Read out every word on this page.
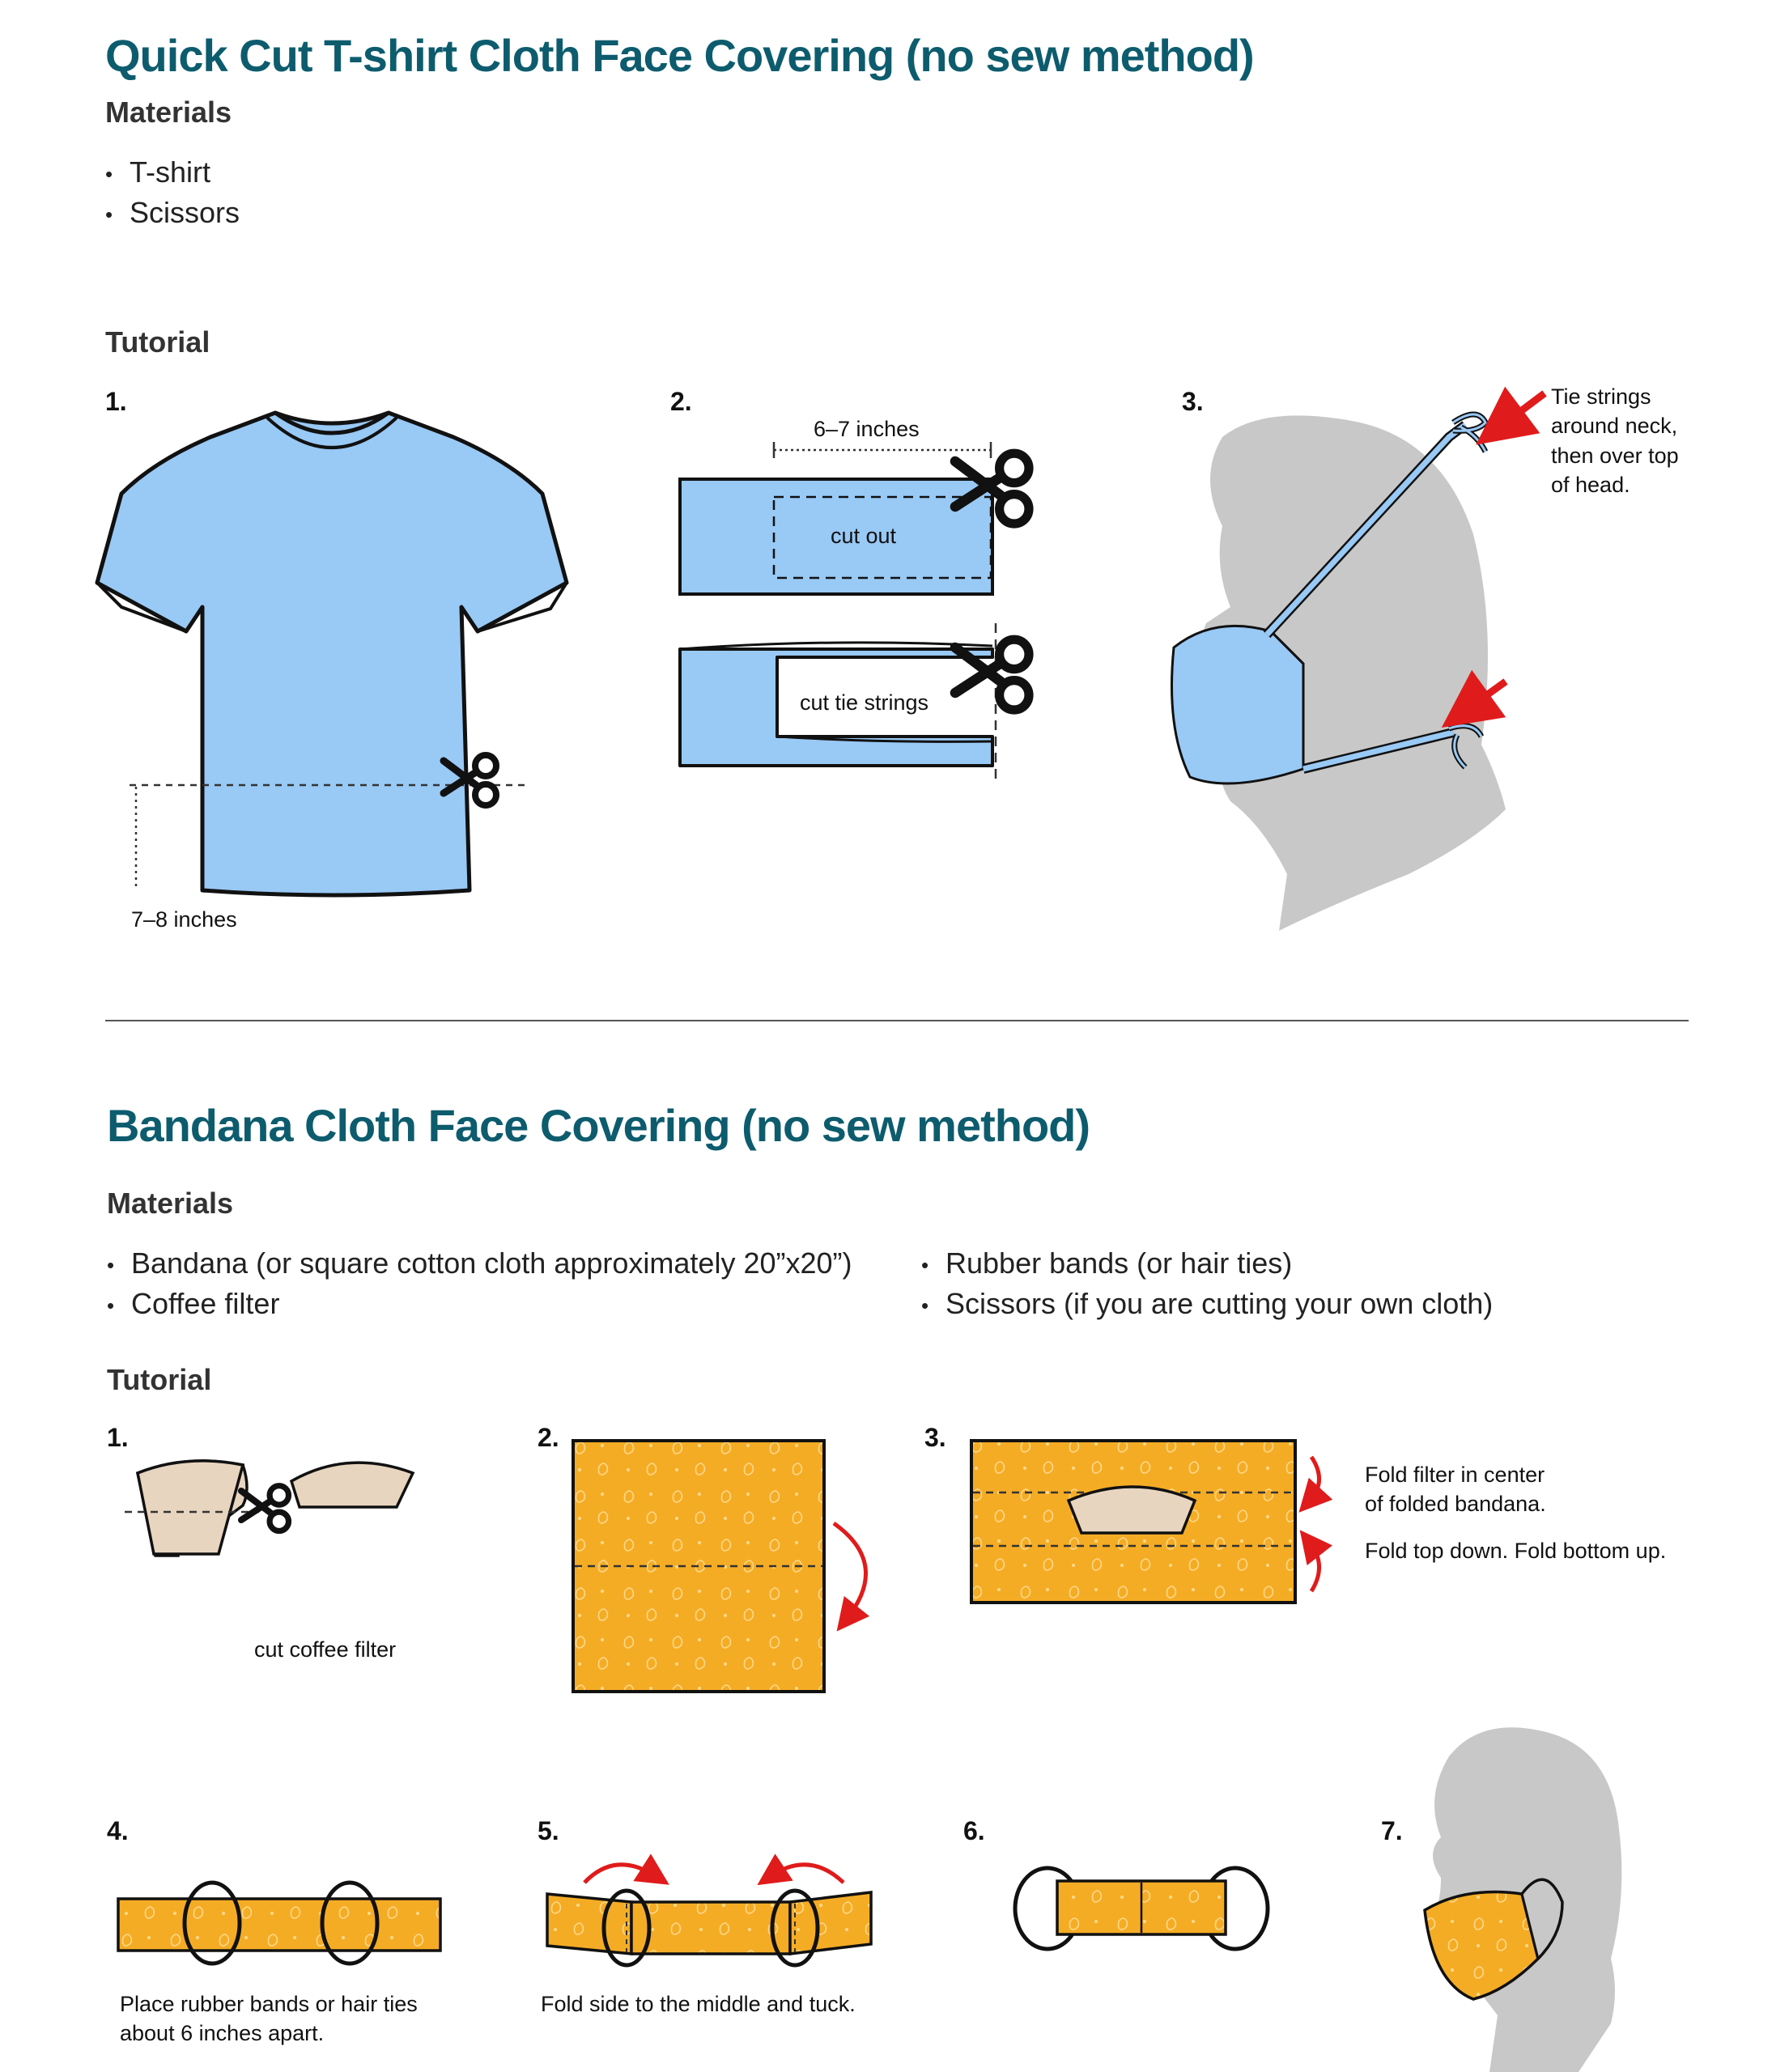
Quick Cut T-shirt Cloth Face Covering (no sew method)
Materials
• T-shirt
• Scissors
Tutorial
1.
7–8 inches
2.
6–7 inches
cut out
cut tie strings
3.	Tie strings
around neck,
then over top
of head.
Bandana Cloth Face Covering (no sew method)
Materials
• Bandana (or square cotton cloth approximately 20”x20”)
• Coffee filter
• Rubber bands (or hair ties)
• Scissors (if you are cutting your own cloth)
Tutorial
1.
cut coffee filter
2.	3.
Fold filter in center
of folded bandana.
Fold top down. Fold bottom up.
4.
Place rubber bands or hair ties
about 6 inches apart.
5.
Fold side to the middle and tuck.
6.	7.
